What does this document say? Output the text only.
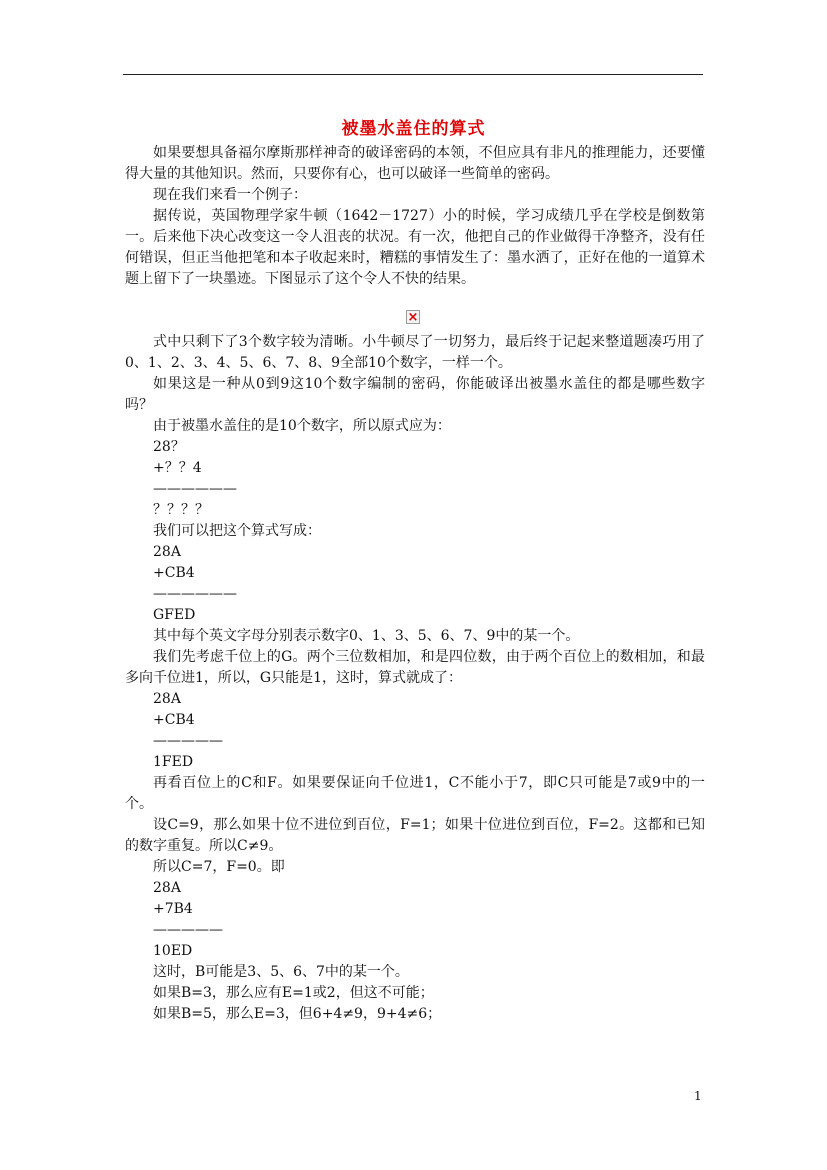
被墨水盖住的算式

如果要想具备福尔摩斯那样神奇的破译密码的本领，不但应具有非凡的推理能力，还要懂得大量的其他知识。然而，只要你有心，也可以破译一些简单的密码。

现在我们来看一个例子：

据传说，英国物理学家牛顿（1642－1727）小的时候，学习成绩几乎在学校是倒数第一。后来他下决心改变这一令人沮丧的状况。有一次，他把自己的作业做得干净整齐，没有任何错误，但正当他把笔和本子收起来时，糟糕的事情发生了：墨水洒了，正好在他的一道算术题上留下了一块墨迹。下图显示了这个令人不快的结果。

×

式中只剩下了3个数字较为清晰。小牛顿尽了一切努力，最后终于记起来整道题凑巧用了0、1、2、3、4、5、6、7、8、9全部10个数字，一样一个。

如果这是一种从0到9这10个数字编制的密码，你能破译出被墨水盖住的都是哪些数字吗？

由于被墨水盖住的是10个数字，所以原式应为：

28？

+？？4

——————

？？？？

我们可以把这个算式写成：

28A

+CB4

——————

GFED

其中每个英文字母分别表示数字0、1、3、5、6、7、9中的某一个。

我们先考虑千位上的G。两个三位数相加，和是四位数，由于两个百位上的数相加，和最多向千位进1，所以，G只能是1，这时，算式就成了：

28A

+CB4

—————

1FED

再看百位上的C和F。如果要保证向千位进1，C不能小于7，即C只可能是7或9中的一个。

设C=9，那么如果十位不进位到百位，F=1；如果十位进位到百位，F=2。这都和已知的数字重复。所以C≠9。

所以C=7，F=0。即

28A

+7B4

—————

10ED

这时，B可能是3、5、6、7中的某一个。

如果B=3，那么应有E=1或2，但这不可能；

如果B=5，那么E=3，但6+4≠9，9+4≠6；

1
